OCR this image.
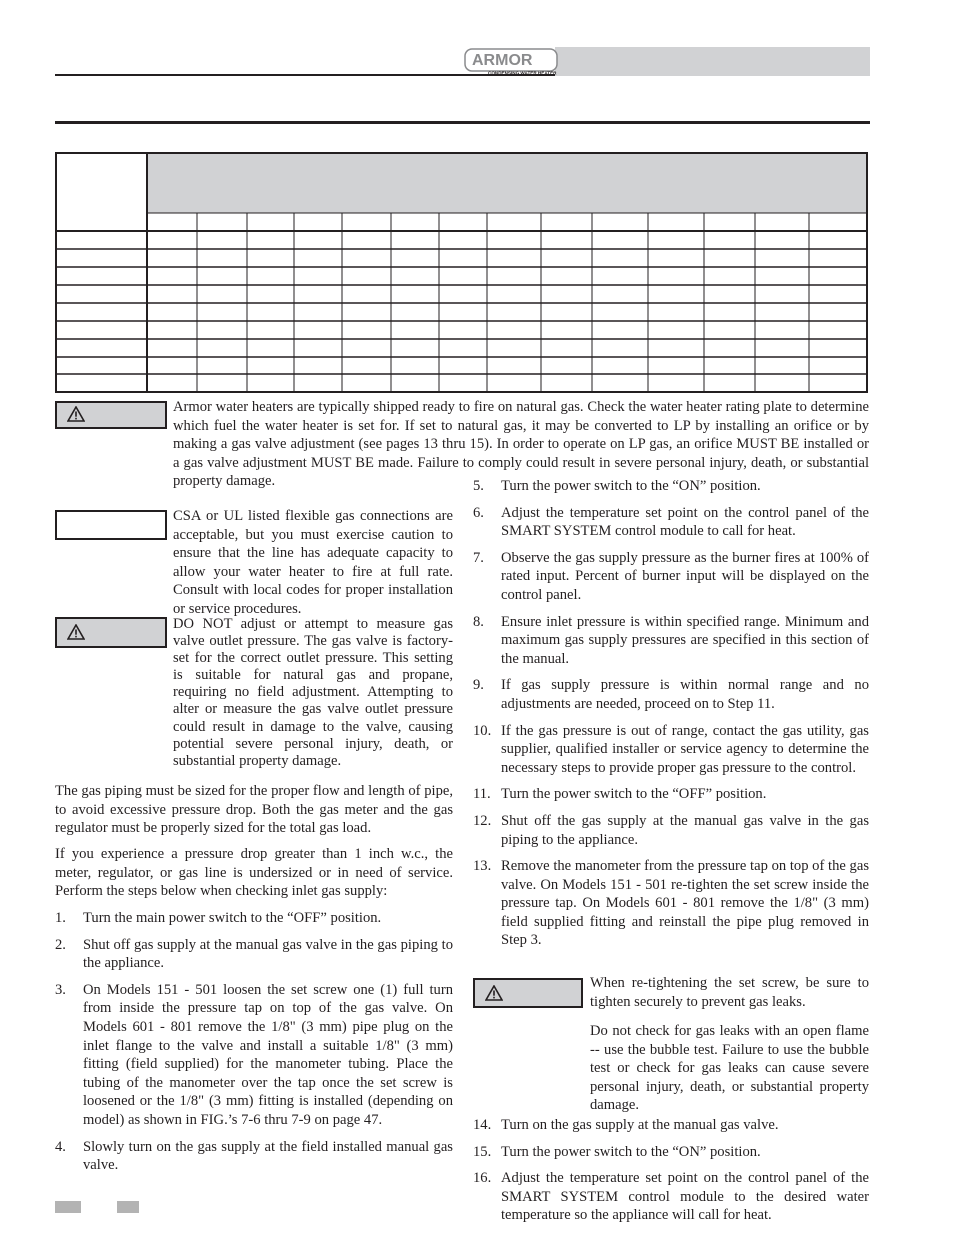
ARMOR
CONDENSING WATER HEATER
Armor water heaters are typically shipped ready to fire on natural gas. Check the water heater rating plate to determine which fuel the water heater is set for. If set to natural gas, it may be converted to LP by installing an orifice or by making a gas valve adjustment (see pages 13 thru 15). In order to operate on LP gas, an orifice MUST BE installed or a gas valve adjustment MUST BE made. Failure to comply could result in severe personal injury, death, or substantial property damage.
CSA or UL listed flexible gas connections are acceptable, but you must exercise caution to ensure that the line has adequate capacity to allow your water heater to fire at full rate. Consult with local codes for proper installation or service procedures.
DO NOT adjust or attempt to measure gas valve outlet pressure. The gas valve is factory-set for the correct outlet pressure. This setting is suitable for natural gas and propane, requiring no field adjustment. Attempting to alter or measure the gas valve outlet pressure could result in damage to the valve, causing potential severe personal injury, death, or substantial property damage.

The gas piping must be sized for the proper flow and length of pipe, to avoid excessive pressure drop. Both the gas meter and the gas regulator must be properly sized for the total gas load.

If you experience a pressure drop greater than 1 inch w.c., the meter, regulator, or gas line is undersized or in need of service. Perform the steps below when checking inlet gas supply:

1. Turn the main power switch to the “OFF” position.
2. Shut off gas supply at the manual gas valve in the gas piping to the appliance.
3. On Models 151 - 501 loosen the set screw one (1) full turn from inside the pressure tap on top of the gas valve. On Models 601 - 801 remove the 1/8" (3 mm) pipe plug on the inlet flange to the valve and install a suitable 1/8" (3 mm) fitting (field supplied) for the manometer tubing. Place the tubing of the manometer over the tap once the set screw is loosened or the 1/8" (3 mm) fitting is installed (depending on model) as shown in FIG.’s 7-6 thru 7-9 on page 47.
4. Slowly turn on the gas supply at the field installed manual gas valve.
5. Turn the power switch to the “ON” position.
6. Adjust the temperature set point on the control panel of the SMART SYSTEM control module to call for heat.
7. Observe the gas supply pressure as the burner fires at 100% of rated input. Percent of burner input will be displayed on the control panel.
8. Ensure inlet pressure is within specified range. Minimum and maximum gas supply pressures are specified in this section of the manual.
9. If gas supply pressure is within normal range and no adjustments are needed, proceed on to Step 11.
10. If the gas pressure is out of range, contact the gas utility, gas supplier, qualified installer or service agency to determine the necessary steps to provide proper gas pressure to the control.
11. Turn the power switch to the “OFF” position.
12. Shut off the gas supply at the manual gas valve in the gas piping to the appliance.
13. Remove the manometer from the pressure tap on top of the gas valve. On Models 151 - 501 re-tighten the set screw inside the pressure tap. On Models 601 - 801 remove the 1/8" (3 mm) field supplied fitting and reinstall the pipe plug removed in Step 3.
When re-tightening the set screw, be sure to tighten securely to prevent gas leaks.
Do not check for gas leaks with an open flame -- use the bubble test. Failure to use the bubble test or check for gas leaks can cause severe personal injury, death, or substantial property damage.
14. Turn on the gas supply at the manual gas valve.
15. Turn the power switch to the “ON” position.
16. Adjust the temperature set point on the control panel of the SMART SYSTEM control module to the desired water temperature so the appliance will call for heat.
